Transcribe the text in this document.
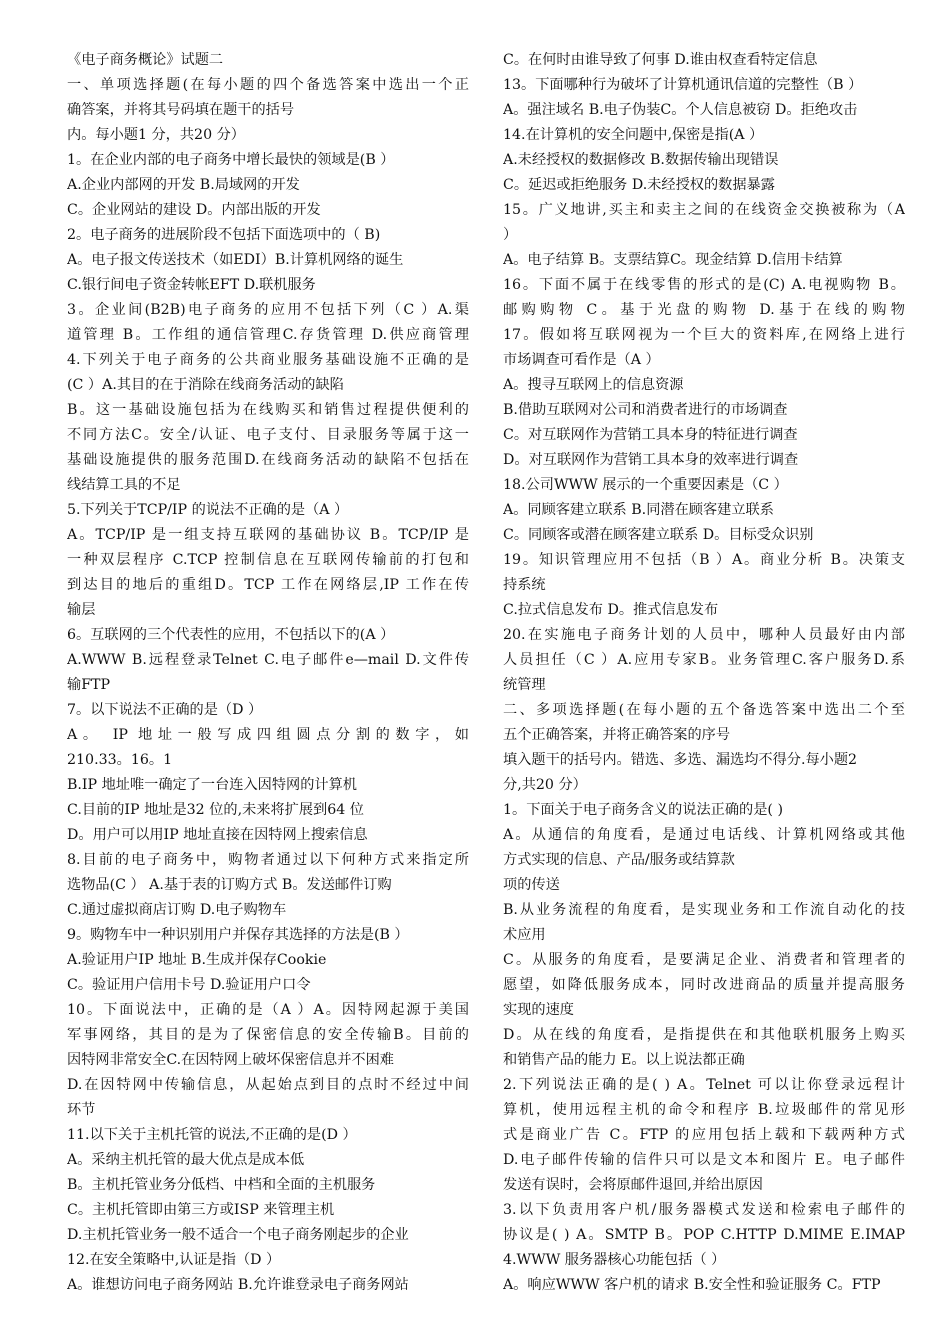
《电子商务概论》试题二
一、单项选择题(在每小题的四个备选答案中选出一个正
确答案，并将其号码填在题干的括号
内。每小题1 分，共20 分）
1。在企业内部的电子商务中增长最快的领域是(B ）
A.企业内部网的开发 B.局域网的开发
C。企业网站的建设 D。内部出版的开发
2。电子商务的进展阶段不包括下面选项中的（ B)
A。电子报文传送技术（如EDI）B.计算机网络的诞生
C.银行间电子资金转帐EFT D.联机服务
3。企业间(B2B)电子商务的应用不包括下列（C ）A.渠
道管理 B。工作组的通信管理C.存货管理 D.供应商管理
4.下列关于电子商务的公共商业服务基础设施不正确的是
(C ）A.其目的在于消除在线商务活动的缺陷
B。这一基础设施包括为在线购买和销售过程提供便利的
不同方法C。安全/认证、电子支付、目录服务等属于这一
基础设施提供的服务范围D.在线商务活动的缺陷不包括在
线结算工具的不足
5.下列关于TCP/IP 的说法不正确的是（A ）
A。TCP/IP 是一组支持互联网的基础协议 B。TCP/IP 是
一种双层程序 C.TCP 控制信息在互联网传输前的打包和
到达目的地后的重组D。TCP 工作在网络层,IP 工作在传
输层
6。互联网的三个代表性的应用，不包括以下的(A ）
A.WWW B.远程登录Telnet C.电子邮件e—mail D.文件传
输FTP
7。以下说法不正确的是（D ）
A。 IP 地址一般写成四组圆点分割的数字，如
210.33。16。1
B.IP 地址唯一确定了一台连入因特网的计算机
C.目前的IP 地址是32 位的,未来将扩展到64 位
D。用户可以用IP 地址直接在因特网上搜索信息
8.目前的电子商务中，购物者通过以下何种方式来指定所
选物品(C ） A.基于表的订购方式 B。发送邮件订购
C.通过虚拟商店订购 D.电子购物车
9。购物车中一种识别用户并保存其选择的方法是(B ）
A.验证用户IP 地址 B.生成并保存Cookie
C。验证用户信用卡号 D.验证用户口令
10。下面说法中，正确的是（A ）A。因特网起源于美国
军事网络，其目的是为了保密信息的安全传输B。目前的
因特网非常安全C.在因特网上破坏保密信息并不困难
D.在因特网中传输信息，从起始点到目的点时不经过中间
环节
11.以下关于主机托管的说法,不正确的是(D ）
A。采纳主机托管的最大优点是成本低
B。主机托管业务分低档、中档和全面的主机服务
C。主机托管即由第三方或ISP 来管理主机
D.主机托管业务一般不适合一个电子商务刚起步的企业
12.在安全策略中,认证是指（D ）
A。谁想访问电子商务网站 B.允许谁登录电子商务网站
C。在何时由谁导致了何事 D.谁由权查看特定信息
13。下面哪种行为破坏了计算机通讯信道的完整性（B ）
A。强注域名 B.电子伪装C。个人信息被窃 D。拒绝攻击
14.在计算机的安全问题中,保密是指(A ）
A.未经授权的数据修改 B.数据传输出现错误
C。延迟或拒绝服务 D.未经授权的数据暴露
15。广义地讲,买主和卖主之间的在线资金交换被称为（A
）
A。电子结算 B。支票结算C。现金结算 D.信用卡结算
16。下面不属于在线零售的形式的是(C) A.电视购物 B。
邮购购物 C。基于光盘的购物 D.基于在线的购物
17。假如将互联网视为一个巨大的资料库,在网络上进行
市场调查可看作是（A ）
A。搜寻互联网上的信息资源
B.借助互联网对公司和消费者进行的市场调查
C。对互联网作为营销工具本身的特征进行调查
D。对互联网作为营销工具本身的效率进行调查
18.公司WWW 展示的一个重要因素是（C ）
A。同顾客建立联系 B.同潜在顾客建立联系
C。同顾客或潜在顾客建立联系 D。目标受众识别
19。知识管理应用不包括（B ）A。商业分析 B。决策支
持系统
C.拉式信息发布 D。推式信息发布
20.在实施电子商务计划的人员中，哪种人员最好由内部
人员担任（C ）A.应用专家B。业务管理C.客户服务D.系
统管理
二、多项选择题(在每小题的五个备选答案中选出二个至
五个正确答案，并将正确答案的序号
填入题干的括号内。错选、多选、漏选均不得分.每小题2
分,共20 分）
1。下面关于电子商务含义的说法正确的是( )
A。从通信的角度看，是通过电话线、计算机网络或其他
方式实现的信息、产品/服务或结算款
项的传送
B.从业务流程的角度看，是实现业务和工作流自动化的技
术应用
C。从服务的角度看，是要满足企业、消费者和管理者的
愿望，如降低服务成本，同时改进商品的质量并提高服务
实现的速度
D。从在线的角度看，是指提供在和其他联机服务上购买
和销售产品的能力 E。以上说法都正确
2.下列说法正确的是( ) A。Telnet 可以让你登录远程计
算机，使用远程主机的命令和程序 B.垃圾邮件的常见形
式是商业广告 C。FTP 的应用包括上载和下载两种方式
D.电子邮件传输的信件只可以是文本和图片 E。电子邮件
发送有误时，会将原邮件退回,并给出原因
3.以下负责用客户机/服务器模式发送和检索电子邮件的
协议是( ) A。SMTP B。POP C.HTTP D.MIME E.IMAP
4.WWW 服务器核心功能包括（ ）
A。响应WWW 客户机的请求 B.安全性和验证服务 C。FTP
